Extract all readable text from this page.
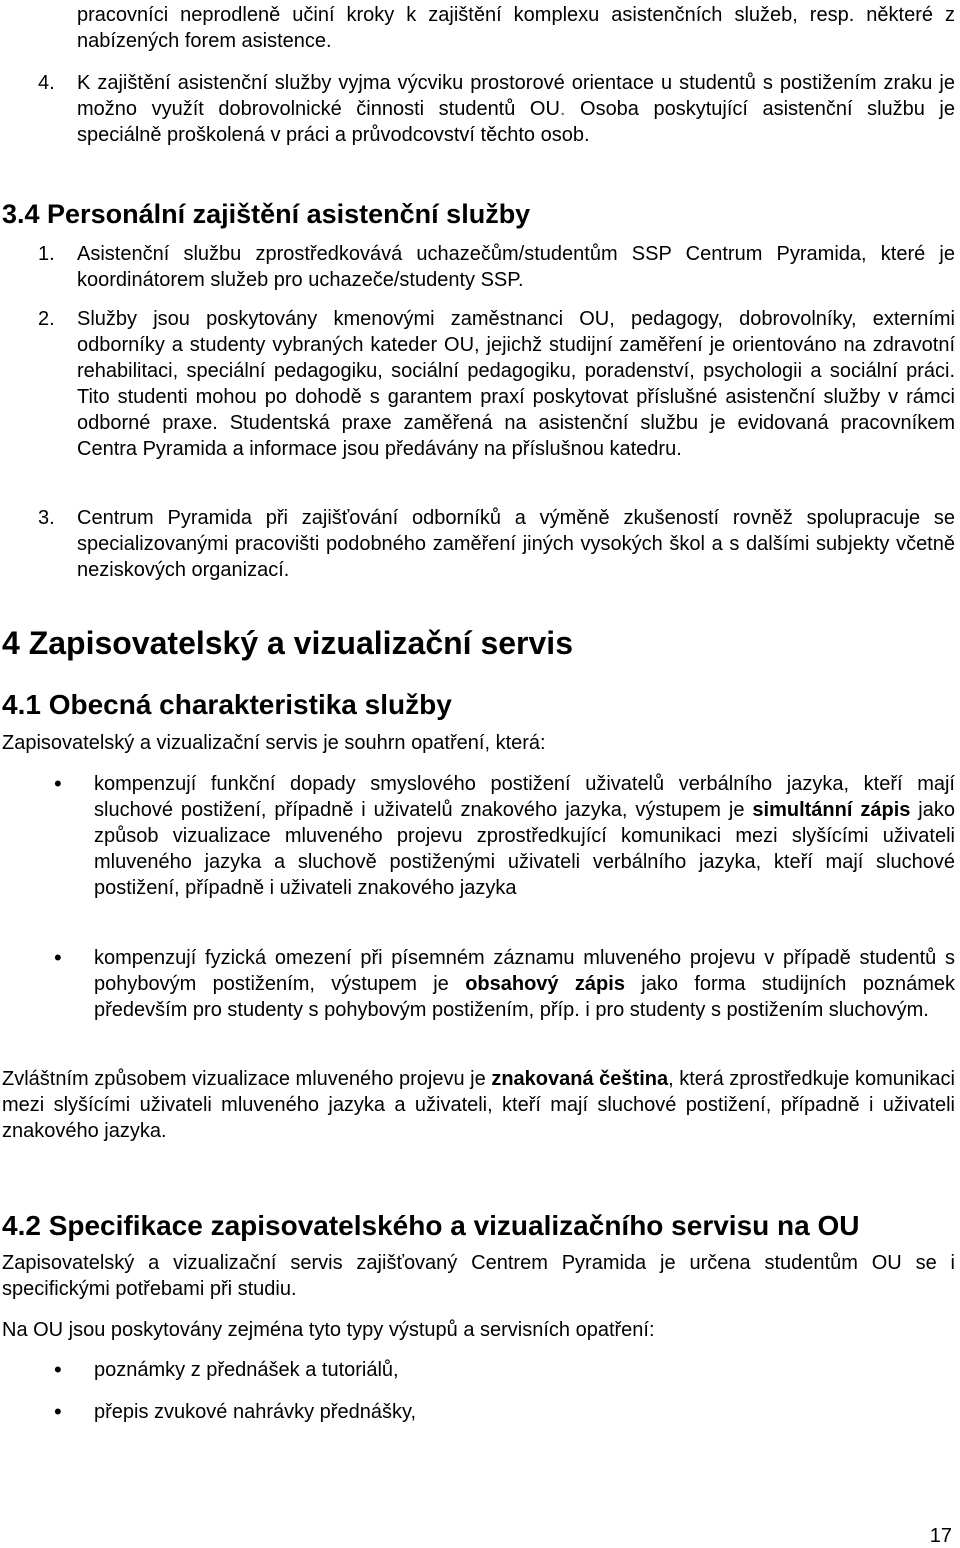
pracovníci neprodleně učiní kroky k zajištění komplexu asistenčních služeb, resp. některé z nabízených forem asistence.
4. K zajištění asistenční služby vyjma výcviku prostorové orientace u studentů s postižením zraku je možno využít dobrovolnické činnosti studentů OU. Osoba poskytující asistenční službu je speciálně proškolená v práci a průvodcovství těchto osob.
3.4 Personální zajištění asistenční služby
1. Asistenční službu zprostředkovává uchazečům/studentům SSP Centrum Pyramida, které je koordinátorem služeb pro uchazeče/studenty SSP.
2. Služby jsou poskytovány kmenovými zaměstnanci OU, pedagogy, dobrovolníky, externími odborníky a studenty vybraných kateder OU, jejichž studijní zaměření je orientováno na zdravotní rehabilitaci, speciální pedagogiku, sociální pedagogiku, poradenství, psychologii a sociální práci. Tito studenti mohou po dohodě s garantem praxí poskytovat příslušné asistenční služby v rámci odborné praxe. Studentská praxe zaměřená na asistenční službu je evidovaná pracovníkem Centra Pyramida a informace jsou předávány na příslušnou katedru.
3. Centrum Pyramida při zajišťování odborníků a výměně zkušeností rovněž spolupracuje se specializovanými pracovišti podobného zaměření jiných vysokých škol a s dalšími subjekty včetně neziskových organizací.
4 Zapisovatelský a vizualizační servis
4.1 Obecná charakteristika služby
Zapisovatelský a vizualizační servis je souhrn opatření, která:
• kompenzují funkční dopady smyslového postižení uživatelů verbálního jazyka, kteří mají sluchové postižení, případně i uživatelů znakového jazyka, výstupem je simultánní zápis jako způsob vizualizace mluveného projevu zprostředkující komunikaci mezi slyšícími uživateli mluveného jazyka a sluchově postiženými uživateli verbálního jazyka, kteří mají sluchové postižení, případně i uživateli znakového jazyka
• kompenzují fyzická omezení při písemném záznamu mluveného projevu v případě studentů s pohybovým postižením, výstupem je obsahový zápis jako forma studijních poznámek především pro studenty s pohybovým postižením, příp. i pro studenty s postižením sluchovým.
Zvláštním způsobem vizualizace mluveného projevu je znakovaná čeština, která zprostředkuje komunikaci mezi slyšícími uživateli mluveného jazyka a uživateli, kteří mají sluchové postižení, případně i uživateli znakového jazyka.
4.2 Specifikace zapisovatelského a vizualizačního servisu na OU
Zapisovatelský a vizualizační servis zajišťovaný Centrem Pyramida je určena studentům OU se i specifickými potřebami při studiu.
Na OU jsou poskytovány zejména tyto typy výstupů a servisních opatření:
• poznámky z přednášek a tutoriálů,
• přepis zvukové nahrávky přednášky,
17
